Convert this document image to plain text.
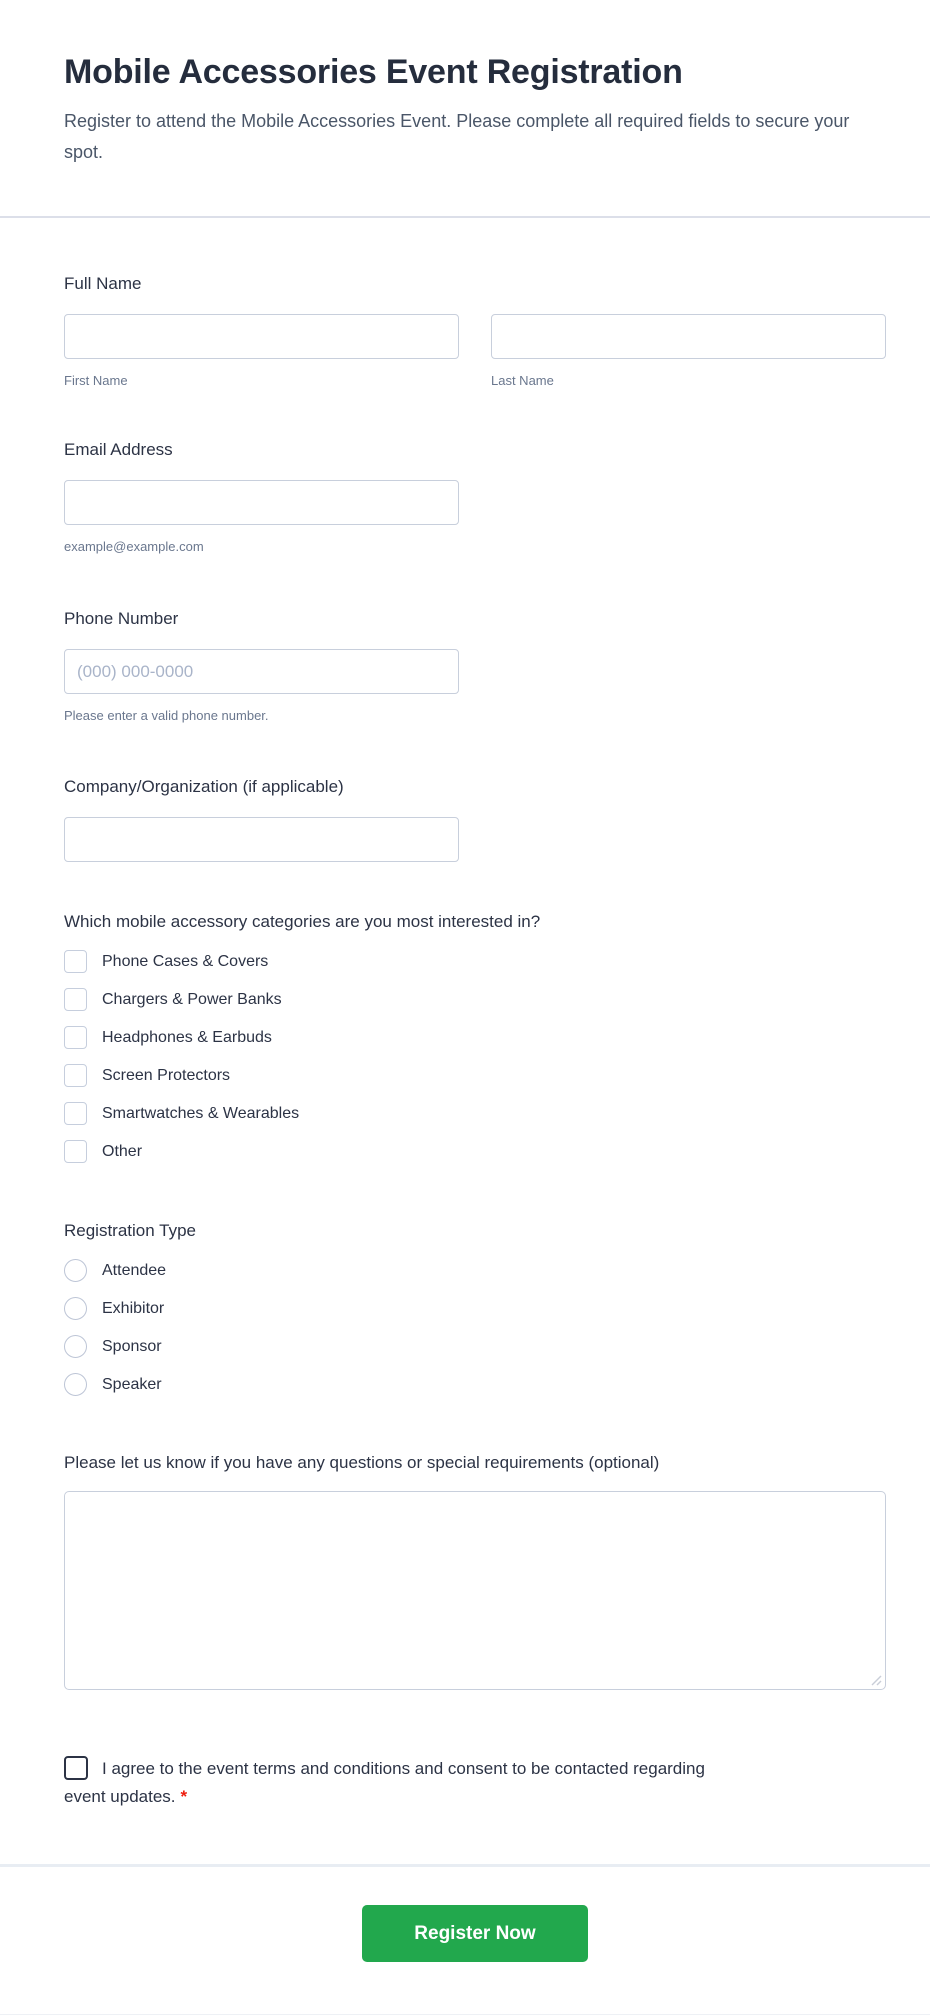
Mobile Accessories Event Registration

Register to attend the Mobile Accessories Event. Please complete all required fields to secure your spot.

Full Name
First Name	Last Name
Email Address
example@example.com
Phone Number
(000) 000-0000
Please enter a valid phone number.
Company/Organization (if applicable)
Which mobile accessory categories are you most interested in?
Phone Cases & Covers
Chargers & Power Banks
Headphones & Earbuds
Screen Protectors
Smartwatches & Wearables
Other
Registration Type
Attendee
Exhibitor
Sponsor
Speaker
Please let us know if you have any questions or special requirements (optional)

I agree to the event terms and conditions and consent to be contacted regarding event updates. *

Register Now
